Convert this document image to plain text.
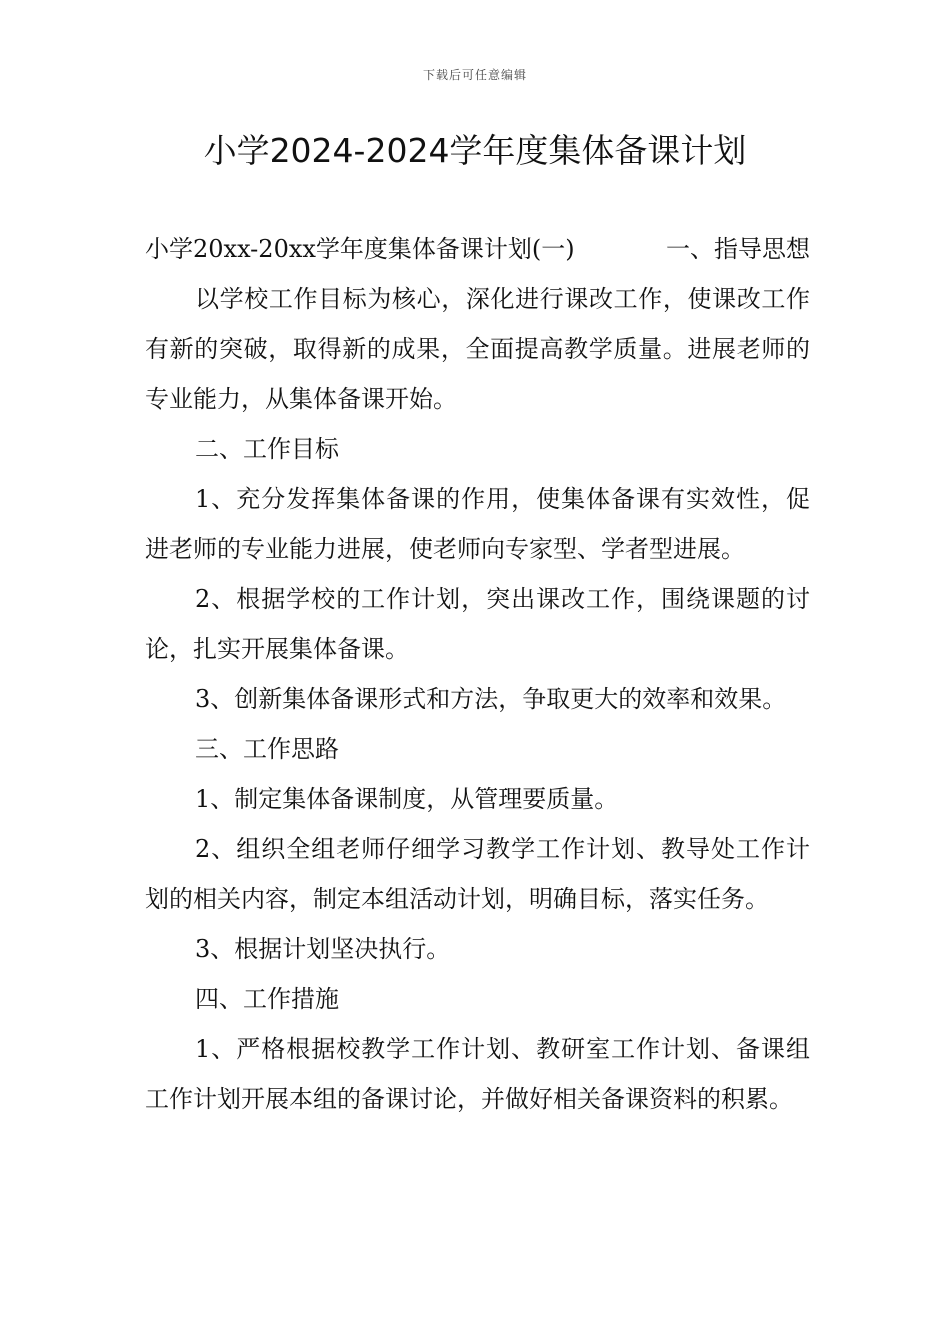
下载后可任意编辑
小学2024-2024学年度集体备课计划

小学20xx-20xx学年度集体备课计划(一)	一、指导思想

以学校工作目标为核心，深化进行课改工作，使课改工作有新的突破，取得新的成果，全面提高教学质量。进展老师的专业能力，从集体备课开始。

二、工作目标

1、充分发挥集体备课的作用，使集体备课有实效性，促进老师的专业能力进展，使老师向专家型、学者型进展。

2、根据学校的工作计划，突出课改工作，围绕课题的讨论，扎实开展集体备课。

3、创新集体备课形式和方法，争取更大的效率和效果。

三、工作思路

1、制定集体备课制度，从管理要质量。

2、组织全组老师仔细学习教学工作计划、教导处工作计划的相关内容，制定本组活动计划，明确目标，落实任务。

3、根据计划坚决执行。

四、工作措施

1、严格根据校教学工作计划、教研室工作计划、备课组工作计划开展本组的备课讨论，并做好相关备课资料的积累。
